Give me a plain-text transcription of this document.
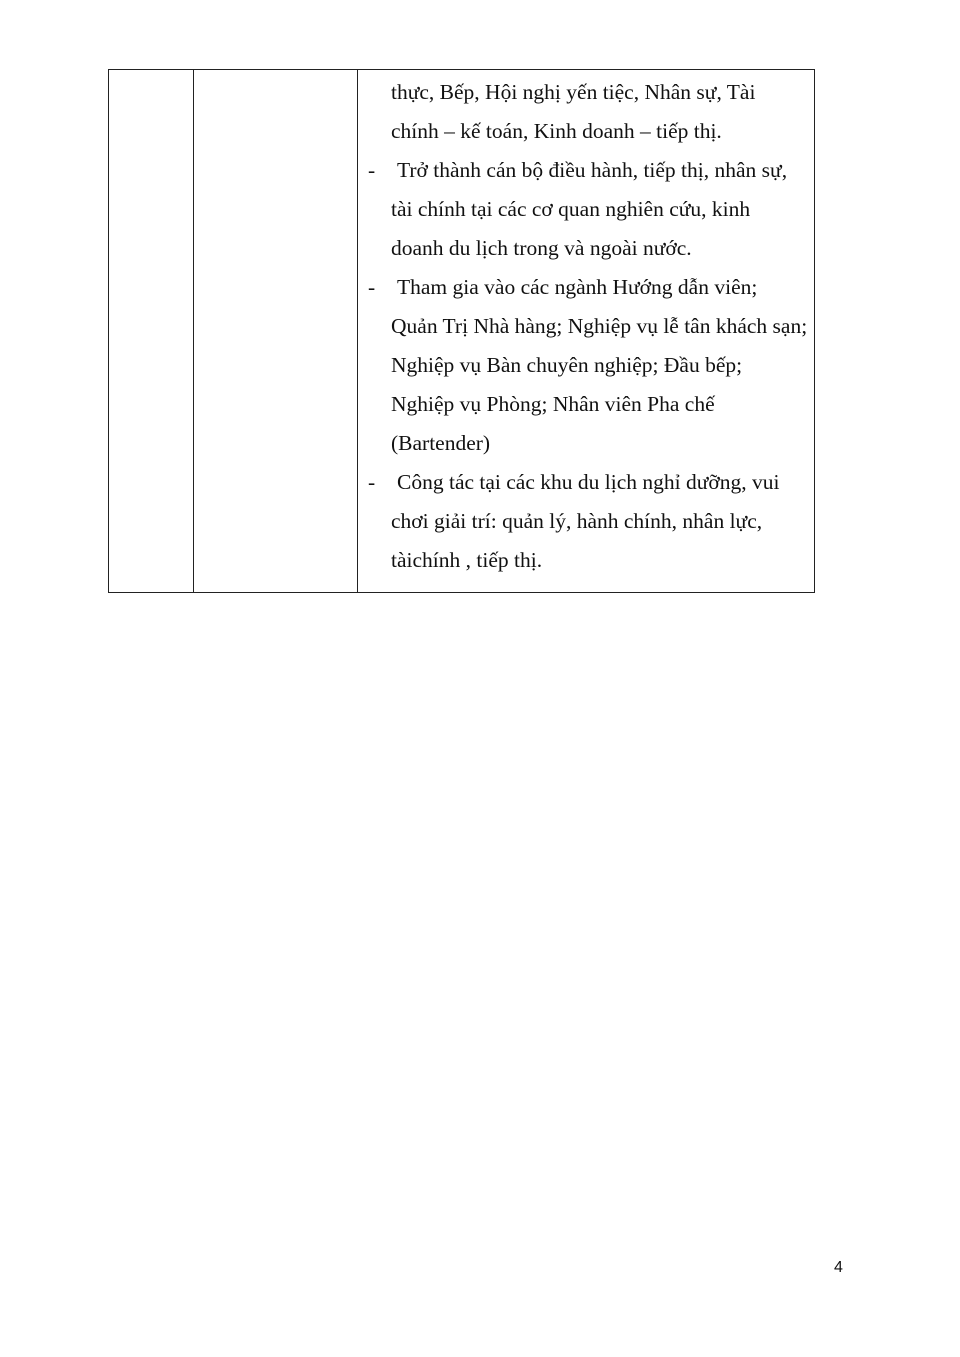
thực, Bếp, Hội nghị yến tiệc, Nhân sự, Tài chính – kế toán, Kinh doanh – tiếp thị.

- Trở thành cán bộ điều hành, tiếp thị, nhân sự, tài chính tại các cơ quan nghiên cứu, kinh doanh du lịch trong và ngoài nước.
- Tham gia vào các ngành Hướng dẫn viên; Quản Trị Nhà hàng; Nghiệp vụ lễ tân khách sạn; Nghiệp vụ Bàn chuyên nghiệp; Đầu bếp; Nghiệp vụ Phòng; Nhân viên Pha chế (Bartender)
- Công tác tại các khu du lịch nghỉ dưỡng, vui chơi giải trí: quản lý, hành chính, nhân lực, tàichính , tiếp thị.
4
